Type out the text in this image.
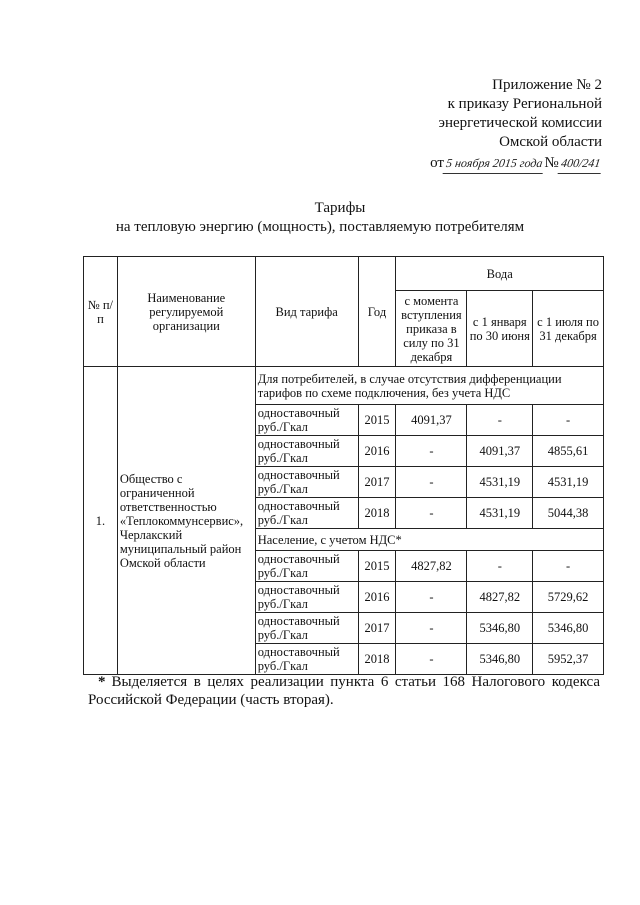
Приложение № 2
к приказу Региональной
энергетической комиссии
Омской области
от5 ноября 2015 года№400/241
Тарифы
на тепловую энергию (мощность), поставляемую потребителям
№ п/п	Наименование регулируемой организации	Вид тарифа	Год	Вода		
				с момента вступления приказа в силу по 31 декабря	с 1 января по 30 июня	с 1 июля по 31 декабря
1.	Общество с ограниченной ответственностью «Теплокоммунсервис», Черлакский муниципальный район Омской области	Для потребителей, в случае отсутствия дифференциации тарифов по схеме подключения, без учета НДС				
		одноставочный руб./Гкал	2015	4091,37	-	-
		одноставочный руб./Гкал	2016	-	4091,37	4855,61
		одноставочный руб./Гкал	2017	-	4531,19	4531,19
		одноставочный руб./Гкал	2018	-	4531,19	5044,38
		Население, с учетом НДС*				
		одноставочный руб./Гкал	2015	4827,82	-	-
		одноставочный руб./Гкал	2016	-	4827,82	5729,62
		одноставочный руб./Гкал	2017	-	5346,80	5346,80
		одноставочный руб./Гкал	2018	-	5346,80	5952,37
* Выделяется в целях реализации пункта 6 статьи 168 Налогового кодекса Российской Федерации (часть вторая).
